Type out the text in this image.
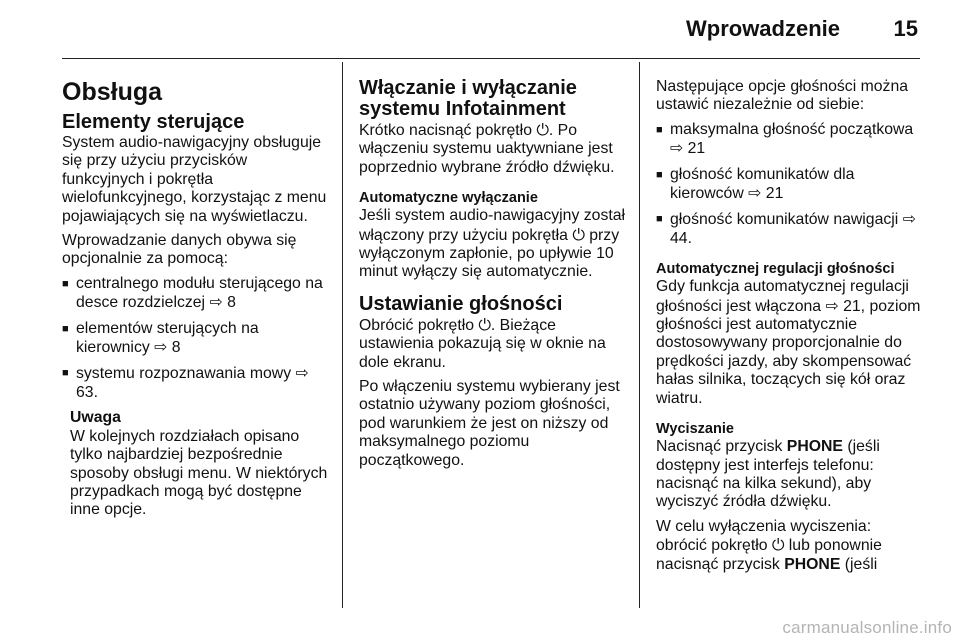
Wprowadzenie 15
Obsługa
Elementy sterujące

System audio-nawigacyjny obsługuje się przy użyciu przycisków funkcyjnych i pokrętła wielofunkcyjnego, korzystając z menu pojawiających się na wyświetlaczu.

Wprowadzanie danych obywa się opcjonalnie za pomocą:

■ centralnego modułu sterującego na desce rozdzielczej ⇨ 8
■ elementów sterujących na kierownicy ⇨ 8
■ systemu rozpoznawania mowy ⇨ 63.
Uwaga
W kolejnych rozdziałach opisano tylko najbardziej bezpośrednie sposoby obsługi menu. W niektórych przypadkach mogą być dostępne inne opcje.
Włączanie i wyłączanie systemu Infotainment

Krótko nacisnąć pokrętło ⏻. Po włączeniu systemu uaktywniane jest poprzednio wybrane źródło dźwięku.

Automatyczne wyłączanie

Jeśli system audio-nawigacyjny został włączony przy użyciu pokrętła ⏻ przy wyłączonym zapłonie, po upływie 10 minut wyłączy się automatycznie.

Ustawianie głośności

Obrócić pokrętło ⏻. Bieżące ustawienia pokazują się w oknie na dole ekranu.

Po włączeniu systemu wybierany jest ostatnio używany poziom głośności, pod warunkiem że jest on niższy od maksymalnego poziomu początkowego.

Następujące opcje głośności można ustawić niezależnie od siebie:

■ maksymalna głośność początkowa ⇨ 21
■ głośność komunikatów dla kierowców ⇨ 21
■ głośność komunikatów nawigacji ⇨ 44.
Automatycznej regulacji głośności

Gdy funkcja automatycznej regulacji głośności jest włączona ⇨ 21, poziom głośności jest automatycznie dostosowywany proporcjonalnie do prędkości jazdy, aby skompensować hałas silnika, toczących się kół oraz wiatru.

Wyciszanie

Nacisnąć przycisk PHONE (jeśli dostępny jest interfejs telefonu: nacisnąć na kilka sekund), aby wyciszyć źródła dźwięku.

W celu wyłączenia wyciszenia: obrócić pokrętło ⏻ lub ponownie nacisnąć przycisk PHONE (jeśli

carmanualsonline.info
